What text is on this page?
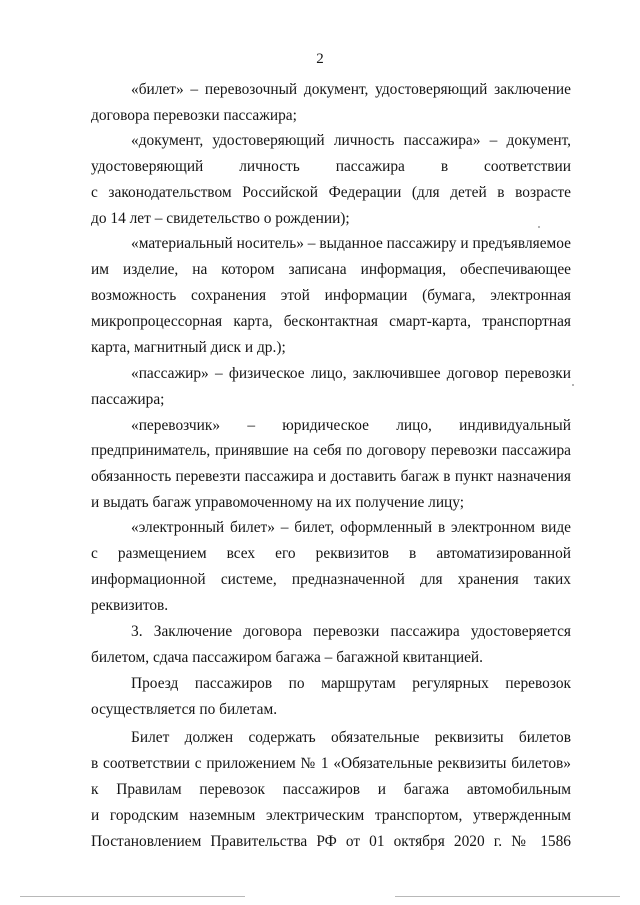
2
«билет» – перевозочный документ, удостоверяющий заключение
договора перевозки пассажира;
«документ, удостоверяющий личность пассажира» – документ,
удостоверяющий личность пассажира в соответствии
с законодательством Российской Федерации (для детей в возрасте
до 14 лет – свидетельство о рождении);
«материальный носитель» – выданное пассажиру и предъявляемое
им изделие, на котором записана информация, обеспечивающее
возможность сохранения этой информации (бумага, электронная
микропроцессорная карта, бесконтактная смарт-карта, транспортная
карта, магнитный диск и др.);
«пассажир» – физическое лицо, заключившее договор перевозки
пассажира;
«перевозчик» – юридическое лицо, индивидуальный
предприниматель, принявшие на себя по договору перевозки пассажира
обязанность перевезти пассажира и доставить багаж в пункт назначения
и выдать багаж управомоченному на их получение лицу;
«электронный билет» – билет, оформленный в электронном виде
с размещением всех его реквизитов в автоматизированной
информационной системе, предназначенной для хранения таких
реквизитов.
3. Заключение договора перевозки пассажира удостоверяется
билетом, сдача пассажиром багажа – багажной квитанцией.
Проезд пассажиров по маршрутам регулярных перевозок
осуществляется по билетам.
Билет должен содержать обязательные реквизиты билетов
в соответствии с приложением № 1 «Обязательные реквизиты билетов»
к Правилам перевозок пассажиров и багажа автомобильным
и городским наземным электрическим транспортом, утвержденным
Постановлением Правительства РФ от 01 октября 2020 г. № 1586
